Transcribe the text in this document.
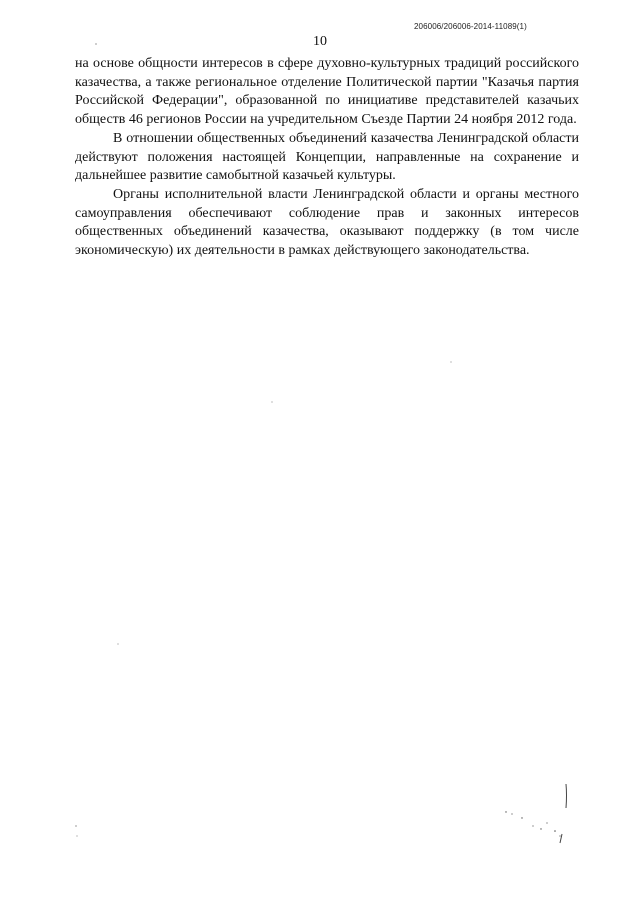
206006/206006-2014-11089(1)
10

на основе общности интересов в сфере духовно-культурных традиций российского казачества, а также региональное отделение Политической партии "Казачья партия Российской Федерации", образованной по инициативе представителей казачьих обществ 46 регионов России на учредительном Съезде Партии 24 ноября 2012 года.

В отношении общественных объединений казачества Ленинградской области действуют положения настоящей Концепции, направленные на сохранение и дальнейшее развитие самобытной казачьей культуры.

Органы исполнительной власти Ленинградской области и органы местного самоуправления обеспечивают соблюдение прав и законных интересов общественных объединений казачества, оказывают поддержку (в том числе экономическую) их деятельности в рамках действующего законодательства.
